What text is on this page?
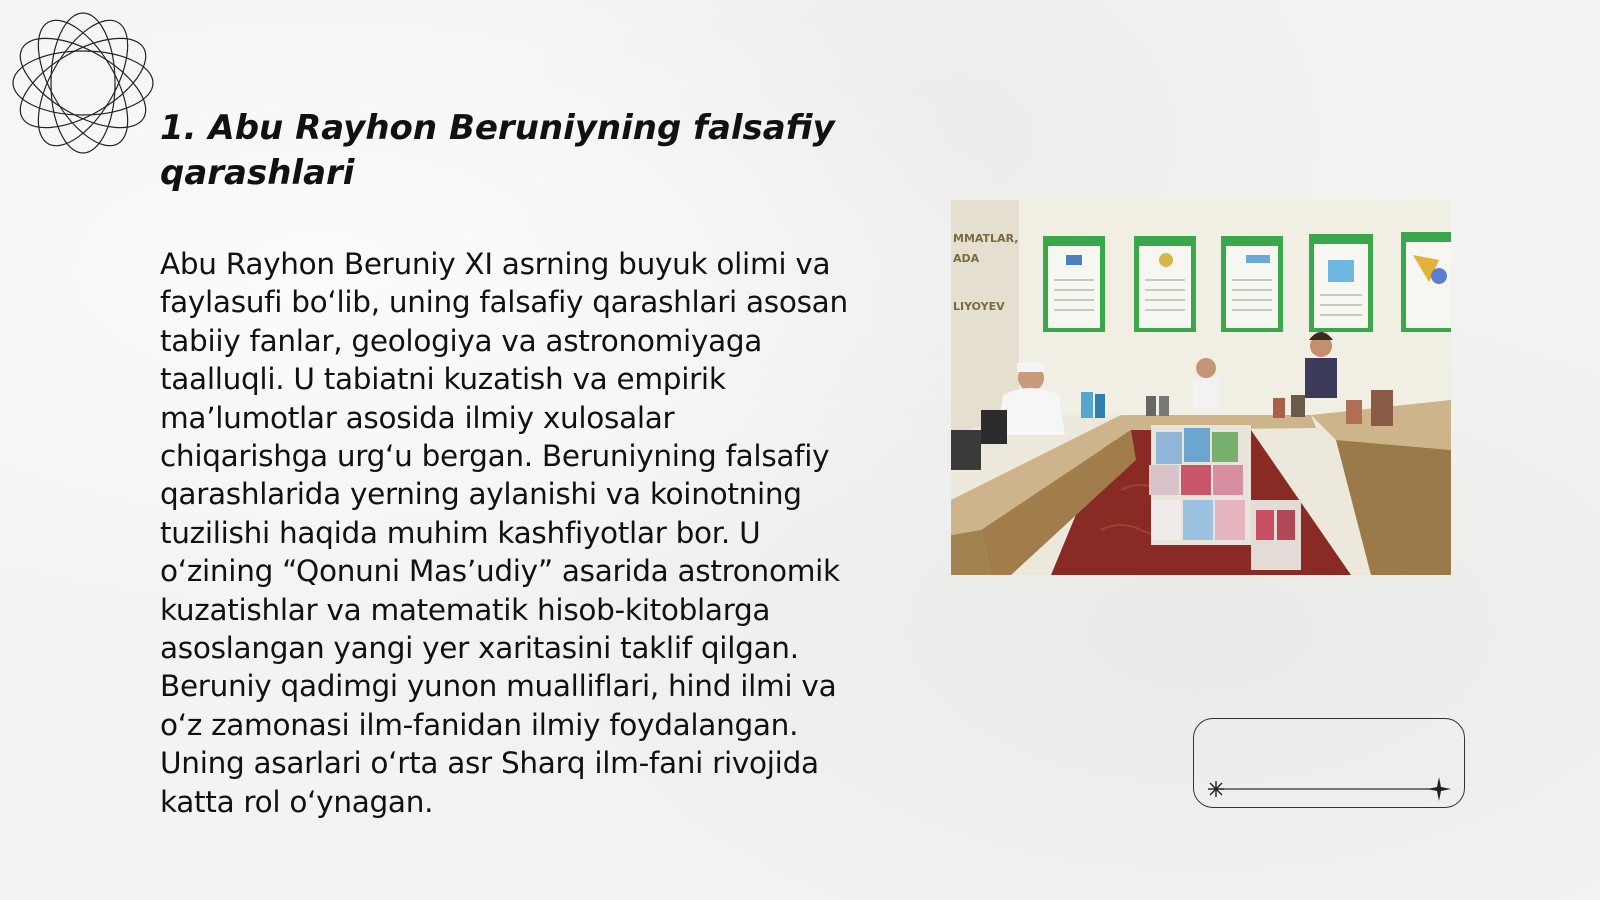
1. Abu Rayhon Beruniyning falsafiy qarashlari

Abu Rayhon Beruniy XI asrning buyuk olimi va faylasufi bo‘lib, uning falsafiy qarashlari asosan tabiiy fanlar, geologiya va astronomiyaga taalluqli. U tabiatni kuzatish va empirik ma’lumotlar asosida ilmiy xulosalar chiqarishga urg‘u bergan. Beruniyning falsafiy qarashlarida yerning aylanishi va koinotning tuzilishi haqida muhim kashfiyotlar bor. U o‘zining “Qonuni Mas’udiy” asarida astronomik kuzatishlar va matematik hisob-kitoblarga asoslangan yangi yer xaritasini taklif qilgan. Beruniy qadimgi yunon mualliflari, hind ilmi va o‘z zamonasi ilm-fanidan ilmiy foydalangan. Uning asarlari o‘rta asr Sharq ilm-fani rivojida katta rol o‘ynagan.

MMATLAR,
ADA
LIYOYEV
